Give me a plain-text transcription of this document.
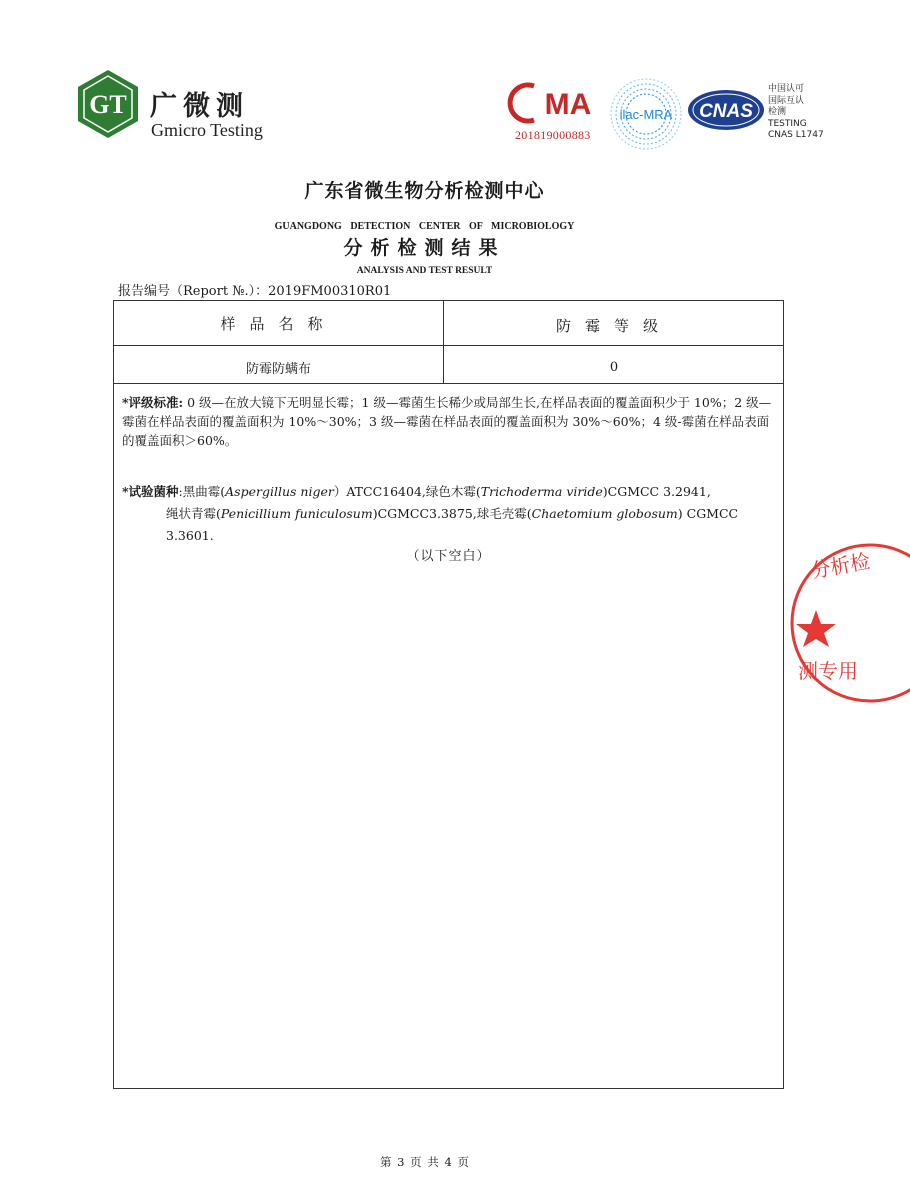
GT 广微测
Gmicro Testing
MA
201819000883
ilac-MRA CNAS
中国认可
国际互认
检测
TESTING
CNAS L1747
广东省微生物分析检测中心
GUANGDONG DETECTION CENTER OF MICROBIOLOGY
分析检测结果
ANALYSIS AND TEST RESULT
报告编号（Report №.）：2019FM00310R01
样品名称	防霉等级
防霉防螨布	0
*评级标准: 0 级—在放大镜下无明显长霉；1 级—霉菌生长稀少或局部生长,在样品表面的覆盖面积少于 10%；2 级—霉菌在样品表面的覆盖面积为 10%～30%；3 级—霉菌在样品表面的覆盖面积为 30%～60%；4 级-霉菌在样品表面的覆盖面积＞60%。
*试验菌种:黑曲霉(Aspergillus niger）ATCC16404,绿色木霉(Trichoderma viride)CGMCC 3.2941,
绳状青霉(Penicillium funiculosum)CGMCC3.3875,球毛壳霉(Chaetomium globosum) CGMCC 3.3601.
（以下空白）	分析检
测专用
第 3 页 共 4 页
